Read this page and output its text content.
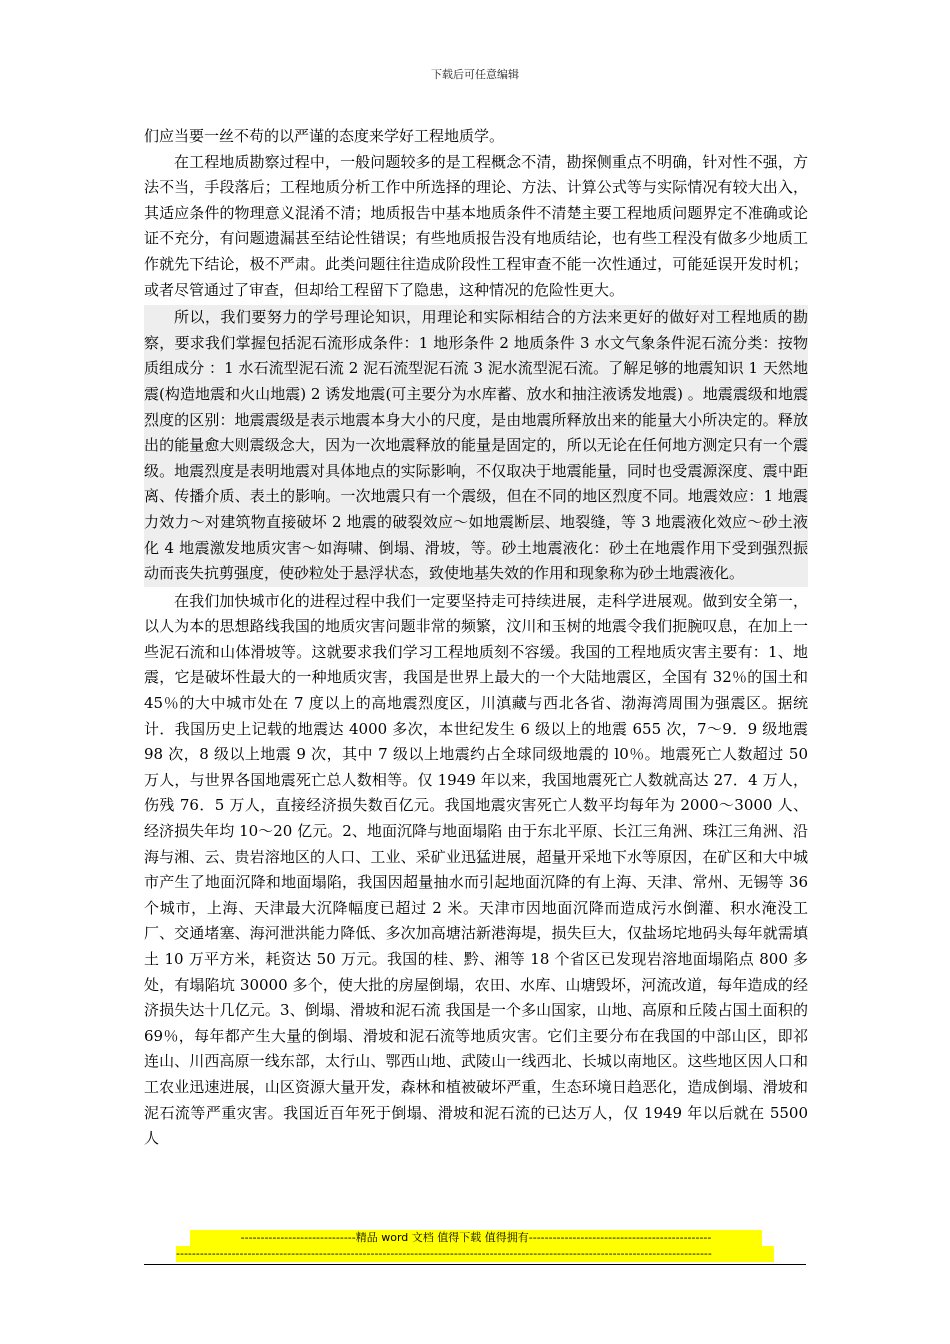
下载后可任意编辑

们应当要一丝不苟的以严谨的态度来学好工程地质学。

在工程地质勘察过程中，一般问题较多的是工程概念不清，勘探侧重点不明确，针对性不强，方法不当，手段落后；工程地质分析工作中所选择的理论、方法、计算公式等与实际情况有较大出入，其适应条件的物理意义混淆不清；地质报告中基本地质条件不清楚主要工程地质问题界定不准确或论证不充分，有问题遗漏甚至结论性错误；有些地质报告没有地质结论，也有些工程没有做多少地质工作就先下结论，极不严肃。此类问题往往造成阶段性工程审查不能一次性通过，可能延误开发时机；或者尽管通过了审查，但却给工程留下了隐患，这种情况的危险性更大。

所以，我们要努力的学号理论知识，用理论和实际相结合的方法来更好的做好对工程地质的勘察，要求我们掌握包括泥石流形成条件：1 地形条件 2 地质条件 3 水文气象条件泥石流分类：按物质组成分 ：1 水石流型泥石流 2 泥石流型泥石流 3 泥水流型泥石流。了解足够的地震知识 1 天然地震(构造地震和火山地震) 2 诱发地震(可主要分为水库蓄、放水和抽注液诱发地震) 。地震震级和地震烈度的区别：地震震级是表示地震本身大小的尺度，是由地震所释放出来的能量大小所决定的。释放出的能量愈大则震级念大，因为一次地震释放的能量是固定的，所以无论在任何地方测定只有一个震级。地震烈度是表明地震对具体地点的实际影响，不仅取决于地震能量，同时也受震源深度、震中距离、传播介质、表土的影响。一次地震只有一个震级，但在不同的地区烈度不同。地震效应：1 地震力效力～对建筑物直接破坏 2 地震的破裂效应～如地震断层、地裂缝，等 3 地震液化效应～砂土液化 4 地震激发地质灾害～如海啸、倒塌、滑坡，等。砂土地震液化：砂土在地震作用下受到强烈振动而丧失抗剪强度，使砂粒处于悬浮状态，致使地基失效的作用和现象称为砂土地震液化。

在我们加快城市化的进程过程中我们一定要坚持走可持续进展，走科学进展观。做到安全第一，以人为本的思想路线我国的地质灾害问题非常的频繁，汶川和玉树的地震令我们扼腕叹息，在加上一些泥石流和山体滑坡等。这就要求我们学习工程地质刻不容缓。我国的工程地质灾害主要有：1、地震，它是破坏性最大的一种地质灾害，我国是世界上最大的一个大陆地震区，全国有 32％的国土和 45％的大中城市处在 7 度以上的高地震烈度区，川滇藏与西北各省、渤海湾周围为强震区。据统计．我国历史上记载的地震达 4000 多次，本世纪发生 6 级以上的地震 655 次，7～9．9 级地震 98 次，8 级以上地震 9 次，其中 7 级以上地震约占全球同级地震的 l0％。地震死亡人数超过 50 万人，与世界各国地震死亡总人数相等。仅 1949 年以来，我国地震死亡人数就高达 27．4 万人，伤残 76．5 万人，直接经济损失数百亿元。我国地震灾害死亡人数平均每年为 2000～3000 人、经济损失年均 10～20 亿元。2、地面沉降与地面塌陷 由于东北平原、长江三角洲、珠江三角洲、沿海与湘、云、贵岩溶地区的人口、工业、采矿业迅猛进展，超量开采地下水等原因，在矿区和大中城市产生了地面沉降和地面塌陷，我国因超量抽水而引起地面沉降的有上海、天津、常州、无锡等 36 个城市，上海、天津最大沉降幅度已超过 2 米。天津市因地面沉降而造成污水倒灌、积水淹没工厂、交通堵塞、海河泄洪能力降低、多次加高塘沽新港海堤，损失巨大，仅盐场坨地码头每年就需填土 10 万平方米，耗资达 50 万元。我国的桂、黔、湘等 18 个省区已发现岩溶地面塌陷点 800 多处，有塌陷坑 30000 多个，使大批的房屋倒塌，农田、水库、山塘毁坏，河流改道，每年造成的经济损失达十几亿元。3、倒塌、滑坡和泥石流 我国是一个多山国家，山地、高原和丘陵占国土面积的 69％，每年都产生大量的倒塌、滑坡和泥石流等地质灾害。它们主要分布在我国的中部山区，即祁连山、川西高原一线东部，太行山、鄂西山地、武陵山一线西北、长城以南地区。这些地区因人口和工农业迅速进展，山区资源大量开发，森林和植被破坏严重，生态环境日趋恶化，造成倒塌、滑坡和泥石流等严重灾害。我国近百年死于倒塌、滑坡和泥石流的已达万人，仅 1949 年以后就在 5500 人

-----------------------------精品 word 文档 值得下载 值得拥有----------------------------------------------
---------------------------------------------------------------------------------------------------------------------------------------
